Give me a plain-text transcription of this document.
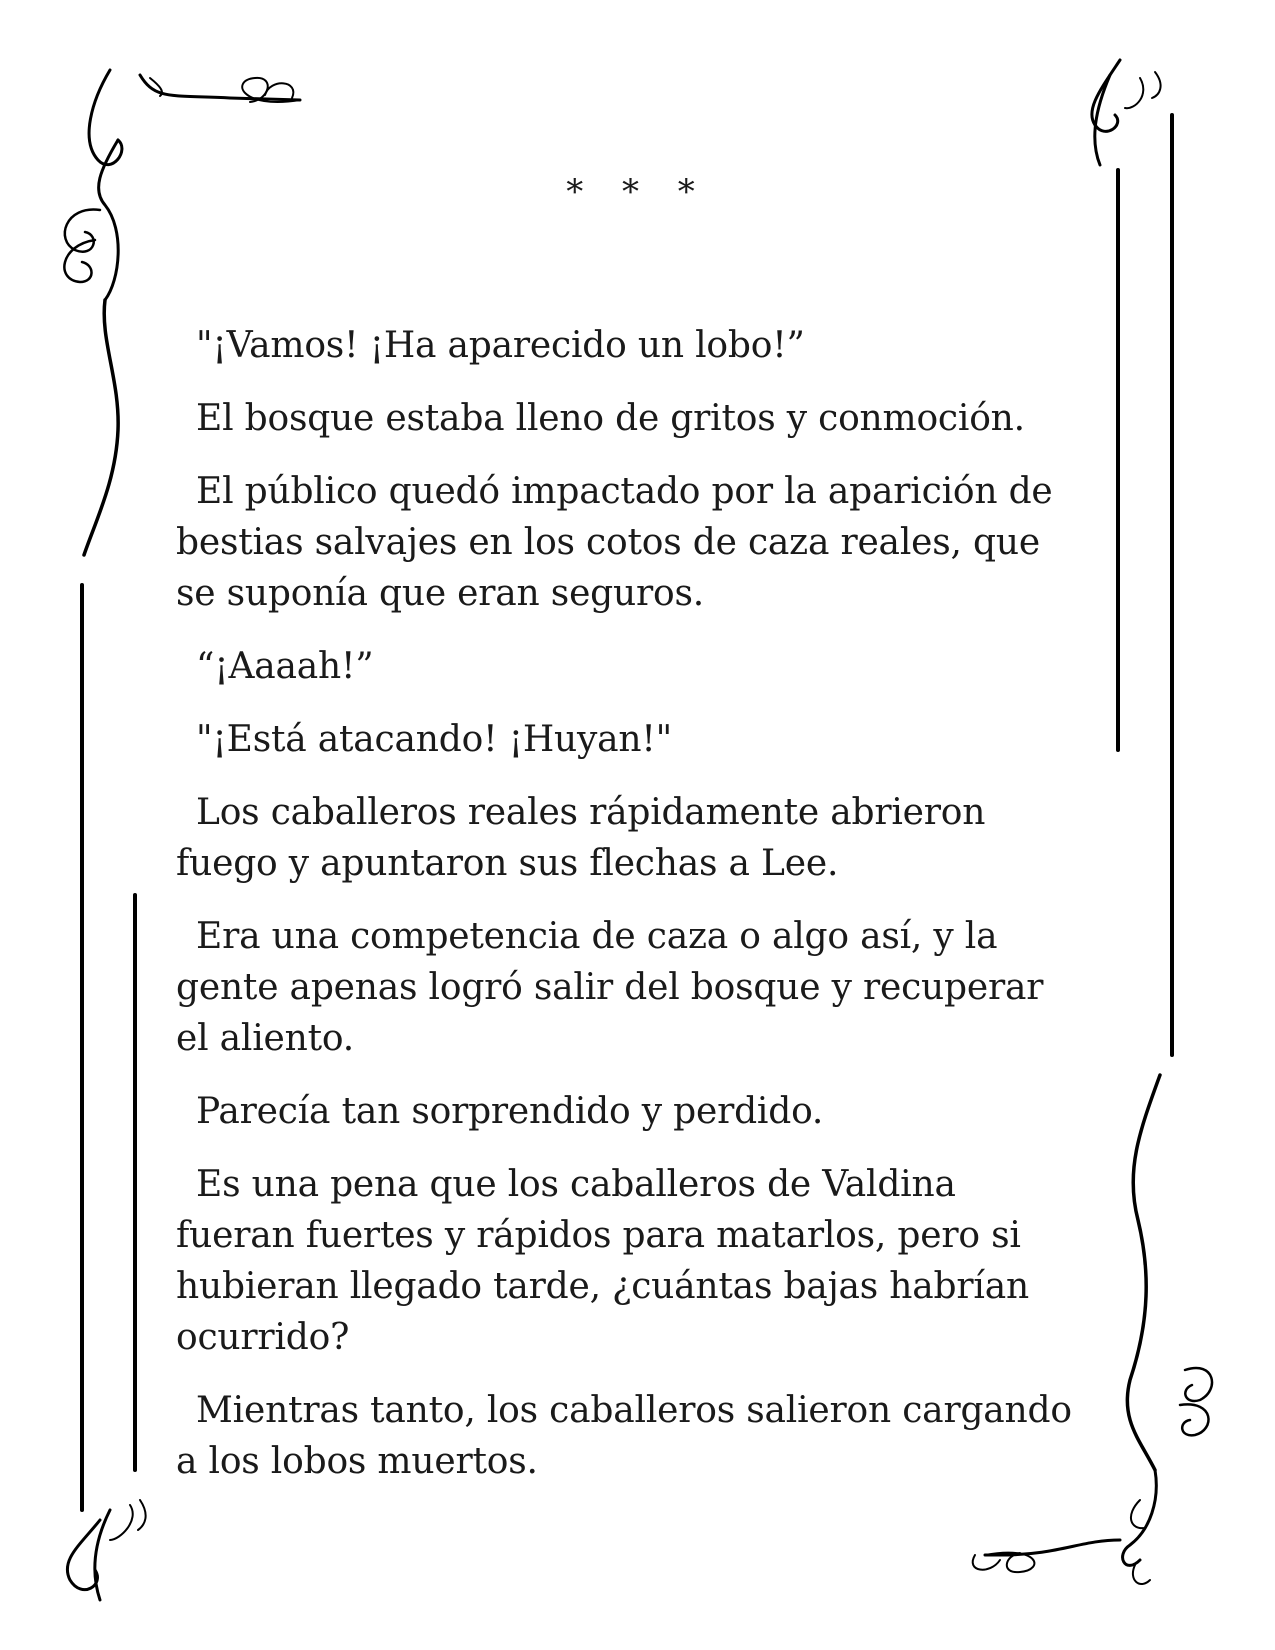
* * *

"¡Vamos! ¡Ha aparecido un lobo!”

El bosque estaba lleno de gritos y conmoción.

El público quedó impactado por la aparición de bestias salvajes en los cotos de caza reales, que se suponía que eran seguros.

“¡Aaaah!”

"¡Está atacando! ¡Huyan!"

Los caballeros reales rápidamente abrieron fuego y apuntaron sus flechas a Lee.

Era una competencia de caza o algo así, y la gente apenas logró salir del bosque y recuperar el aliento.

Parecía tan sorprendido y perdido.

Es una pena que los caballeros de Valdina fueran fuertes y rápidos para matarlos, pero si hubieran llegado tarde, ¿cuántas bajas habrían ocurrido?

Mientras tanto, los caballeros salieron cargando a los lobos muertos.
